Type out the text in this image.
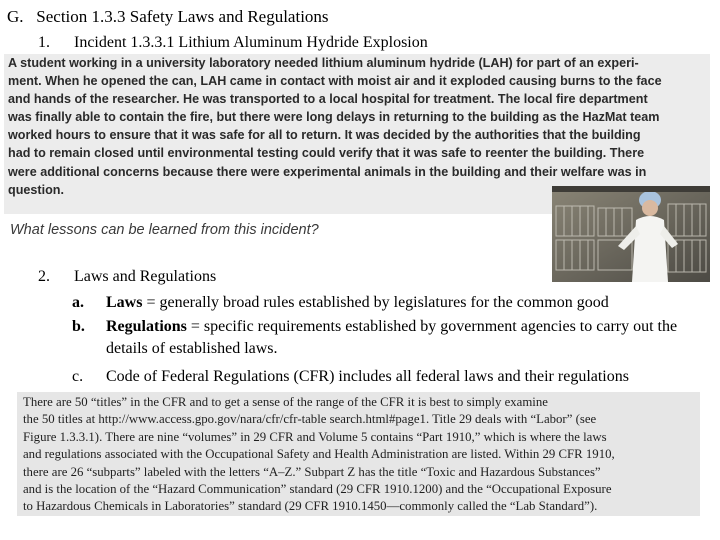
G. Section 1.3.3 Safety Laws and Regulations
1. Incident 1.3.3.1 Lithium Aluminum Hydride Explosion
A student working in a university laboratory needed lithium aluminum hydride (LAH) for part of an experi-
ment. When he opened the can, LAH came in contact with moist air and it exploded causing burns to the face
and hands of the researcher. He was transported to a local hospital for treatment. The local fire department
was finally able to contain the fire, but there were long delays in returning to the building as the HazMat team
worked hours to ensure that it was safe for all to return. It was decided by the authorities that the building
had to remain closed until environmental testing could verify that it was safe to reenter the building. There
were additional concerns because there were experimental animals in the building and their welfare was in
question.
What lessons can be learned from this incident?
2. Laws and Regulations
a.	Laws = generally broad rules established by legislatures for the common good
b.	Regulations = specific requirements established by government agencies to carry out the details of established laws.
c.	Code of Federal Regulations (CFR) includes all federal laws and their regulations
There are 50 “titles” in the CFR and to get a sense of the range of the CFR it is best to simply examine
the 50 titles at http://www.access.gpo.gov/nara/cfr/cfr-table search.html#page1. Title 29 deals with “Labor” (see
Figure 1.3.3.1). There are nine “volumes” in 29 CFR and Volume 5 contains “Part 1910,” which is where the laws
and regulations associated with the Occupational Safety and Health Administration are listed. Within 29 CFR 1910,
there are 26 “subparts” labeled with the letters “A–Z.” Subpart Z has the title “Toxic and Hazardous Substances”
and is the location of the “Hazard Communication” standard (29 CFR 1910.1200) and the “Occupational Exposure
to Hazardous Chemicals in Laboratories” standard (29 CFR 1910.1450—commonly called the “Lab Standard”).
